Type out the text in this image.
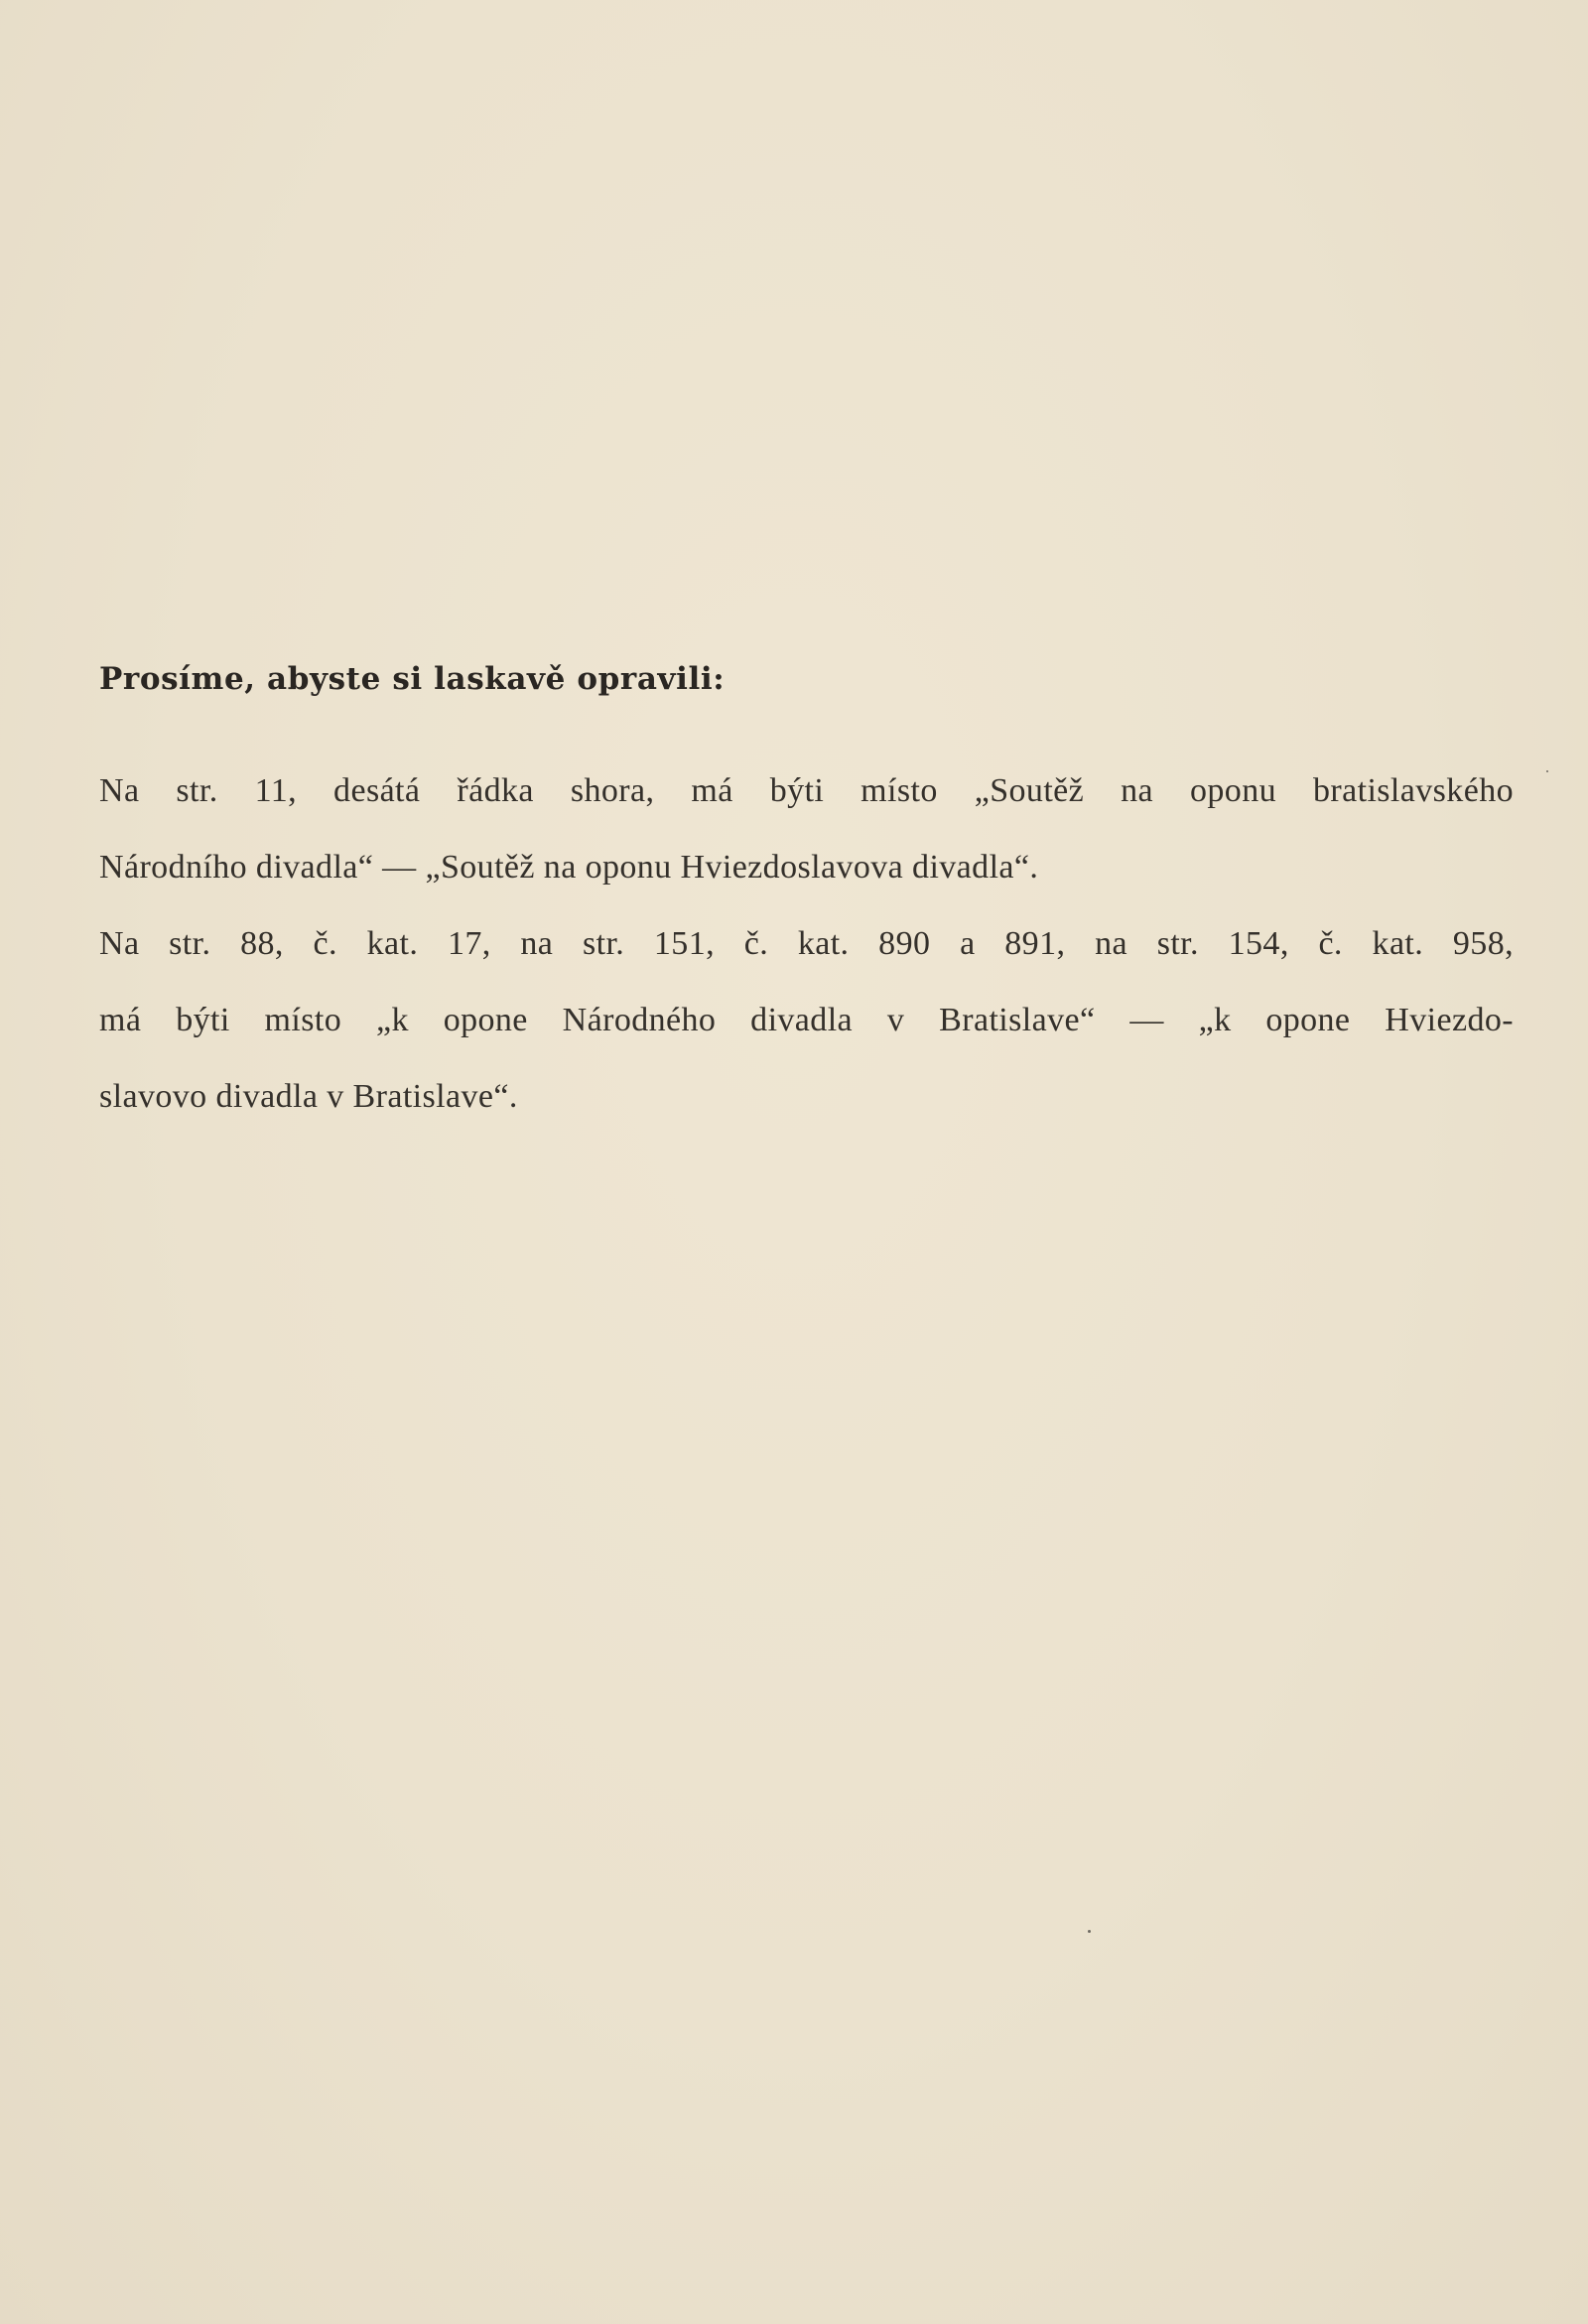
Prosíme, abyste si laskavě opravili:
Na str. 11, desátá řádka shora, má býti místo „Soutěž na oponu bratislavského
Národního divadla“ — „Soutěž na oponu Hviezdoslavova divadla“.
Na str. 88, č. kat. 17, na str. 151, č. kat. 890 a 891, na str. 154, č. kat. 958,
má býti místo „k opone Národného divadla v Bratislave“ — „k opone Hviezdo-
slavovo divadla v Bratislave“.
